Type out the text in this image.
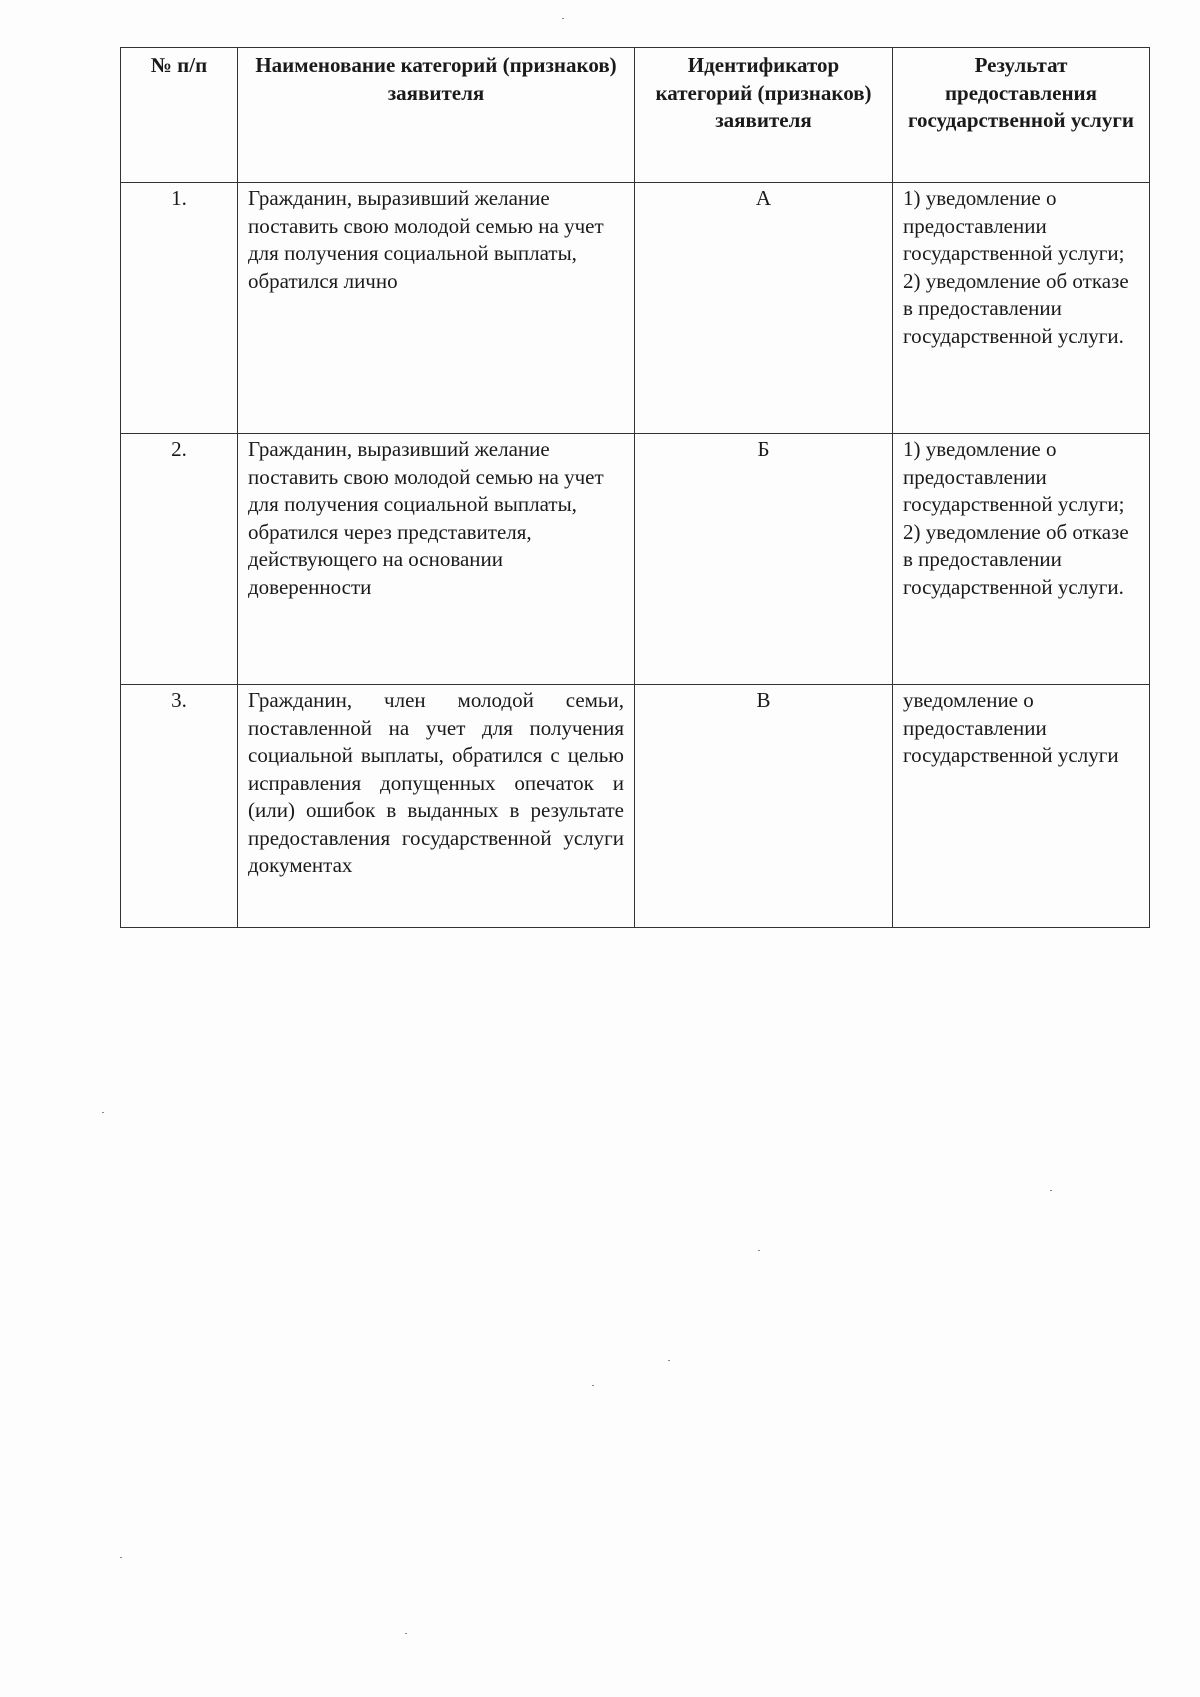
№ п/п	Наименование категорий (признаков) заявителя	Идентификатор категорий (признаков) заявителя	Результат предоставления государственной услуги
1.	Гражданин, выразивший желание поставить свою молодой семью на учет для получения социальной выплаты, обратился лично	А	1) уведомление о предоставлении государственной услуги;
2) уведомление об отказе в предоставлении государственной услуги.

2.	Гражданин, выразивший желание поставить свою молодой семью на учет для получения социальной выплаты, обратился через представителя, действующего на основании доверенности	Б	1) уведомление о предоставлении государственной услуги;
2) уведомление об отказе в предоставлении государственной услуги.

3.	Гражданин, член молодой семьи, поставленной на учет для получения социальной выплаты, обратился с целью исправления допущенных опечаток и (или) ошибок в выданных в результате предоставления государственной услуги документах	В	уведомление о предоставлении государственной услуги
